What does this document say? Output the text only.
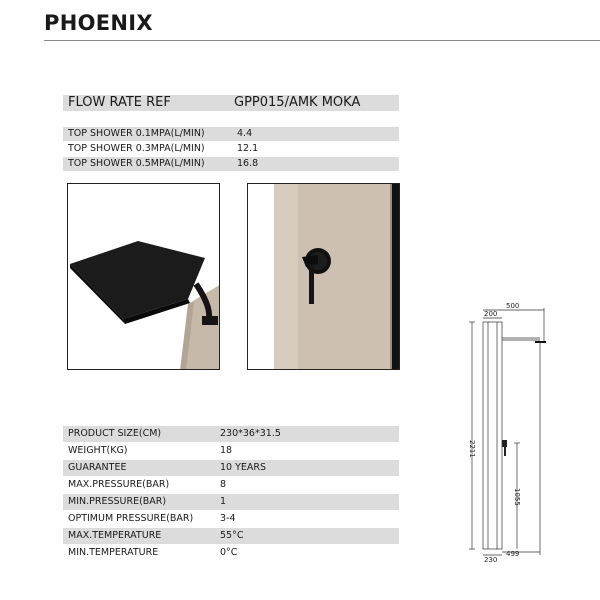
PHOENIX
FLOW RATE REF	GPP015/AMK MOKA
TOP SHOWER 0.1MPA(L/MIN)	4.4
TOP SHOWER 0.3MPA(L/MIN)	12.1
TOP SHOWER 0.5MPA(L/MIN)	16.8
PRODUCT SIZE(CM)	230*36*31.5
WEIGHT(KG)	18
GUARANTEE	10 YEARS
MAX.PRESSURE(BAR)	8
MIN.PRESSURE(BAR)	1
OPTIMUM PRESSURE(BAR)	3-4
MAX.TEMPERATURE	55°C
MIN.TEMPERATURE	0°C
500
200
2211
1055
230
499
